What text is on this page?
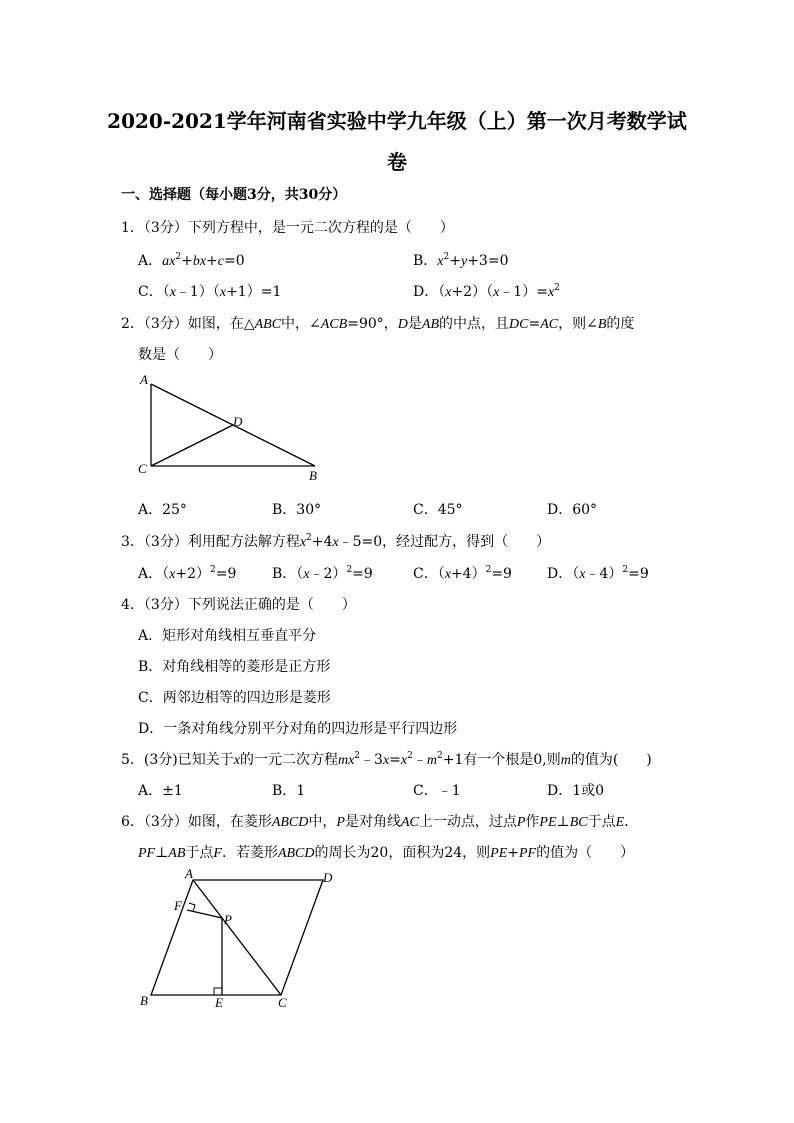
2020-2021学年河南省实验中学九年级（上）第一次月考数学试
卷
一、选择题（每小题3分，共30分）
1．（3分）下列方程中，是一元二次方程的是（　　）
A．$ax^2+bx+c=0$	B．$x^2+y+3=0$
C．（x﹣1）（x+1）=1	D．$(x+2)(x﹣1)=x^2$
2．（3分）如图，在△ABC中，∠ACB=90°，D是AB的中点，且DC=AC，则∠B的度
数是（　　）
A
D
C	B
A．25°	B．30°	C．45°	D．60°
3．（3分）利用配方法解方程$x^2+4x﹣5=0$，经过配方，得到（　　）
A．$(x+2)^2=9$	B．（x﹣2）$^2$=9	C．$(x+4)^2=9$	D．（x﹣4）$^2$=9
4．（3分）下列说法正确的是（　　）
A．矩形对角线相互垂直平分
B．对角线相等的菱形是正方形
C．两邻边相等的四边形是菱形
D．一条对角线分别平分对角的四边形是平行四边形
5．(3分)已知关于x的一元二次方程$mx^2﹣3x=x^2﹣m^2+1$有一个根是0,则m的值为(　　)
A．±1	B．1	C．﹣1	D．1或0
6．（3分）如图，在菱形ABCD中，P是对角线AC上一动点，过点P作PE⊥BC于点E．
PF⊥AB于点F．若菱形ABCD的周长为20，面积为24，则PE+PF的值为（　　）
A	D
F
P
B	E	C
